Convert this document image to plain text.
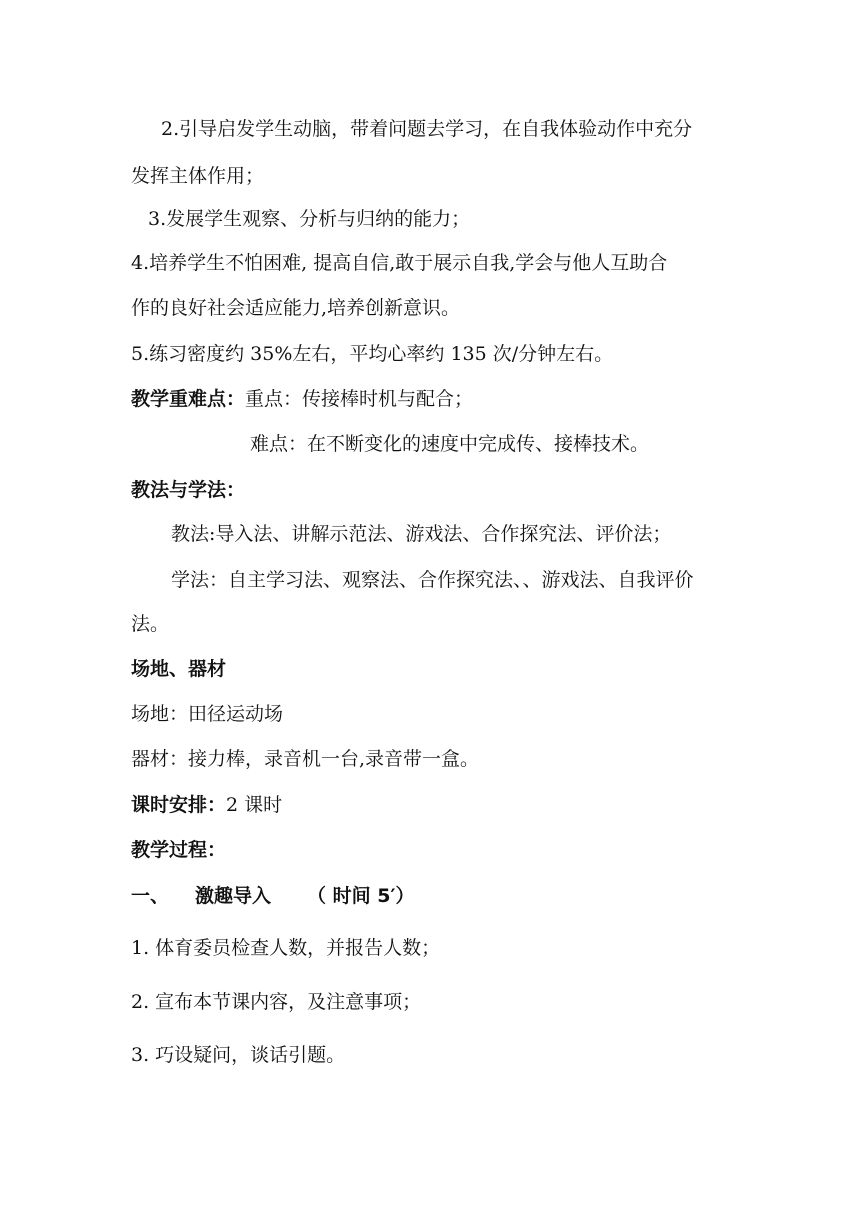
2.引导启发学生动脑，带着问题去学习，在自我体验动作中充分
发挥主体作用；
3.发展学生观察、分析与归纳的能力；
4.培养学生不怕困难, 提高自信,敢于展示自我,学会与他人互助合
作的良好社会适应能力,培养创新意识。
5.练习密度约 35%左右，平均心率约 135 次/分钟左右。
教学重难点：重点：传接棒时机与配合；
难点：在不断变化的速度中完成传、接棒技术。
教法与学法：
教法:导入法、讲解示范法、游戏法、合作探究法、评价法；
学法：自主学习法、观察法、合作探究法、、游戏法、自我评价
法。
场地、器材
场地：田径运动场
器材：接力棒，录音机一台,录音带一盒。
课时安排：2 课时
教学过程：
一、 激趣导入 （ 时间 5′）
1. 体育委员检查人数，并报告人数；
2. 宣布本节课内容，及注意事项；
3. 巧设疑问，谈话引题。
